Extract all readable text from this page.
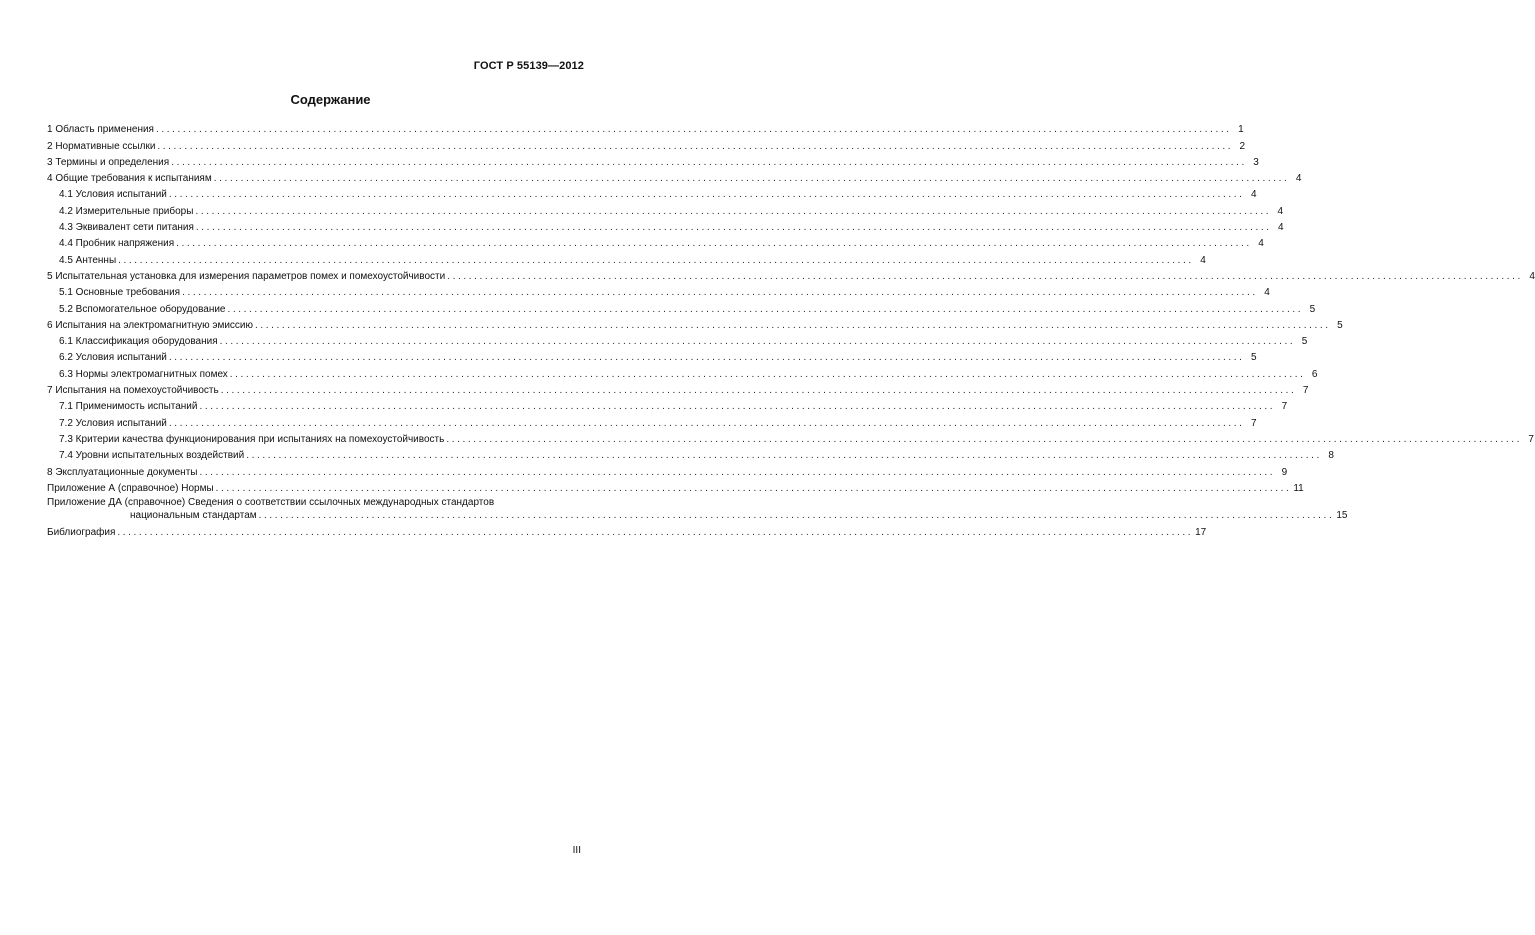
ГОСТ Р 55139—2012
Содержание
1 Область применения ........................................................................................................................................................................................................ 1
2 Нормативные ссылки ........................................................................................................................................................................................................ 2
3 Термины и определения ........................................................................................................................................................................................................ 3
4 Общие требования к испытаниям ........................................................................................................................................................................................................ 4
4.1 Условия испытаний ........................................................................................................................................................................................................ 4
4.2 Измерительные приборы ........................................................................................................................................................................................................ 4
4.3 Эквивалент сети питания ........................................................................................................................................................................................................ 4
4.4 Пробник напряжения ........................................................................................................................................................................................................ 4
4.5 Антенны ........................................................................................................................................................................................................ 4
5 Испытательная установка для измерения параметров помех и помехоустойчивости ........................................................................................................................................................................................................ 4
5.1 Основные требования ........................................................................................................................................................................................................ 4
5.2 Вспомогательное оборудование ........................................................................................................................................................................................................ 5
6 Испытания на электромагнитную эмиссию ........................................................................................................................................................................................................ 5
6.1 Классификация оборудования ........................................................................................................................................................................................................ 5
6.2 Условия испытаний ........................................................................................................................................................................................................ 5
6.3 Нормы электромагнитных помех ........................................................................................................................................................................................................ 6
7 Испытания на помехоустойчивость ........................................................................................................................................................................................................ 7
7.1 Применимость испытаний ........................................................................................................................................................................................................ 7
7.2 Условия испытаний ........................................................................................................................................................................................................ 7
7.3 Критерии качества функционирования при испытаниях на помехоустойчивость ........................................................................................................................................................................................................ 7
7.4 Уровни испытательных воздействий ........................................................................................................................................................................................................ 8
8 Эксплуатационные документы ........................................................................................................................................................................................................ 9
Приложение А (справочное) Нормы ........................................................................................................................................................................................................ 11
Приложение ДА (справочное) Сведения о соответствии ссылочных международных стандартов
национальным стандартам ........................................................................................................................................................................................................ 15
Библиография ........................................................................................................................................................................................................ 17
III
